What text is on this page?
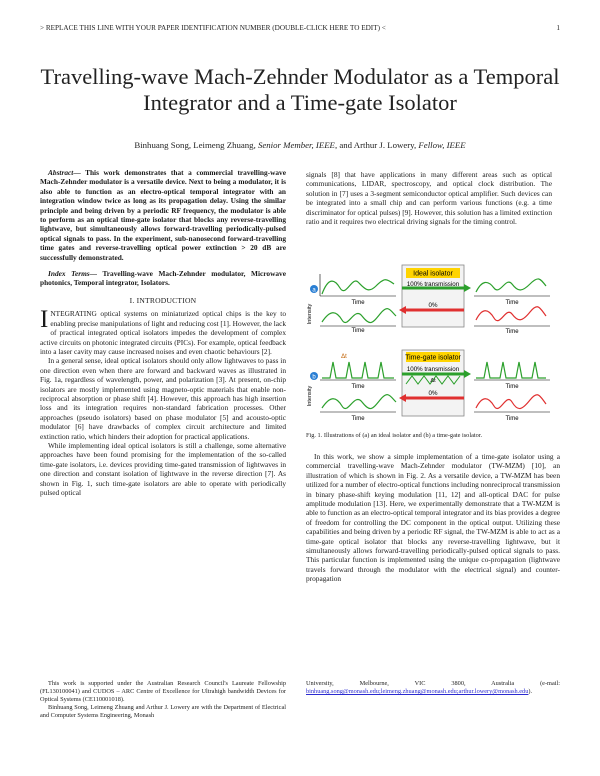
> REPLACE THIS LINE WITH YOUR PAPER IDENTIFICATION NUMBER (DOUBLE-CLICK HERE TO EDIT) <	1
Travelling-wave Mach-Zehnder Modulator as a Temporal Integrator and a Time-gate Isolator
Binhuang Song, Leimeng Zhuang, Senior Member, IEEE, and Arthur J. Lowery, Fellow, IEEE

Abstract— This work demonstrates that a commercial travelling-wave Mach-Zehnder modulator is a versatile device. Next to being a modulator, it is also able to function as an electro-optical temporal integrator with an integration window twice as long as its propagation delay. Using the similar principle and being driven by a periodic RF frequency, the modulator is able to perform as an optical time-gate isolator that blocks any reverse-travelling lightwave, but simultaneously allows forward-travelling periodically-pulsed optical signals to pass. In the experiment, sub-nanosecond forward-travelling time gates and reverse-travelling optical power extinction > 20 dB are successfully demonstrated.

Index Terms— Travelling-wave Mach-Zehnder modulator, Microwave photonics, Temporal integrator, Isolators.

I. INTRODUCTION

INTEGRATING optical systems on miniaturized optical chips is the key to enabling precise manipulations of light and reducing cost [1]. However, the lack of practical integrated optical isolators impedes the development of complex active circuits on photonic integrated circuits (PICs). For example, optical feedback into a laser cavity may cause increased noises and even chaotic behaviours [2].

In a general sense, ideal optical isolators should only allow lightwaves to pass in one direction even when there are forward and backward waves as illustrated in Fig. 1a, regardless of wavelength, power, and polarization [3]. At present, on-chip isolators are mostly implemented using magneto-optic materials that enable non-reciprocal absorption or phase shift [4]. However, this approach has high insertion loss and its integration requires non-standard fabrication processes. Other approaches (pseudo isolators) based on phase modulator [5] and acousto-optic modulator [6] have drawbacks of complex circuit architecture and limited extinction ratio, which hinders their adoption for practical applications.

While implementing ideal optical isolators is still a challenge, some alternative approaches have been found promising for the implementation of the so-called time-gate isolators, i.e. devices providing time-gated transmission of lightwaves in one direction and constant isolation of lightwave in the reverse direction [7]. As shown in Fig. 1, such time-gate isolators are able to operate with periodically pulsed optical

signals [8] that have applications in many different areas such as optical communications, LIDAR, spectroscopy, and optical clock distribution. The solution in [7] uses a 3-segment semiconductor optical amplifier. Such devices can be integrated into a small chip and can perform various functions (e.g. a time discriminator for optical pulses) [9]. However, this solution has a limited extinction ratio and it requires two electrical driving signals for the timing control.

Ideal isolator
a
100% transmission
0%
Time
Time
Intensity
Time
Time
Time-gate isolator
b
100% transmission
Δt
0%
Δt
Time
Time
Intensity	Time
Time
Fig. 1. Illustrations of (a) an ideal isolator and (b) a time-gate isolator.

In this work, we show a simple implementation of a time-gate isolator using a commercial travelling-wave Mach-Zehnder modulator (TW-MZM) [10], an illustration of which is shown in Fig. 2. As a versatile device, a TW-MZM has been utilized for a number of electro-optical functions including nonreciprocal transmission in binary phase-shift keying modulation [11, 12] and all-optical DAC for pulse amplitude modulation [13]. Here, we experimentally demonstrate that a TW-MZM is able to function as an electro-optical temporal integrator and its bias provides a degree of freedom for controlling the DC component in the optical output. Utilizing these capabilities and being driven by a periodic RF signal, the TW-MZM is able to act as a time-gate optical isolator that blocks any reverse-travelling lightwave, but it simultaneously allows forward-travelling periodically-pulsed optical signals to pass. This particular function is implemented using the unique co-propagation (lightwave travels forward through the modulator with the electrical signal) and counter-propagation

This work is supported under the Australian Research Council's Laureate Fellowship (FL130100041) and CUDOS – ARC Centre of Excellence for Ultrahigh bandwidth Devices for Optical Systems (CE110001018).

Binhuang Song, Leimeng Zhuang and Arthur J. Lowery are with the Department of Electrical and Computer Systems Engineering, Monash

University, Melbourne, VIC 3800, Australia (e-mail: binhuang.song@monash.edu;leimeng.zhuang@monash.edu;arthur.lowery@monash.edu).
